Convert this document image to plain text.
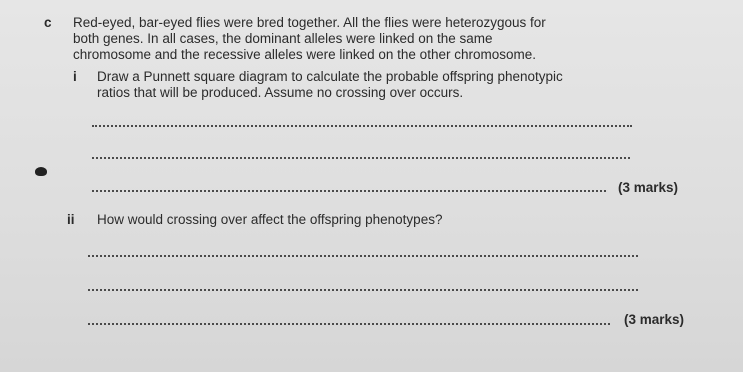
c Red-eyed, bar-eyed flies were bred together. All the flies were heterozygous for
both genes. In all cases, the dominant alleles were linked on the same
chromosome and the recessive alleles were linked on the other chromosome.
i Draw a Punnett square diagram to calculate the probable offspring phenotypic
ratios that will be produced. Assume no crossing over occurs.
(3 marks)
ii How would crossing over affect the offspring phenotypes?
(3 marks)
